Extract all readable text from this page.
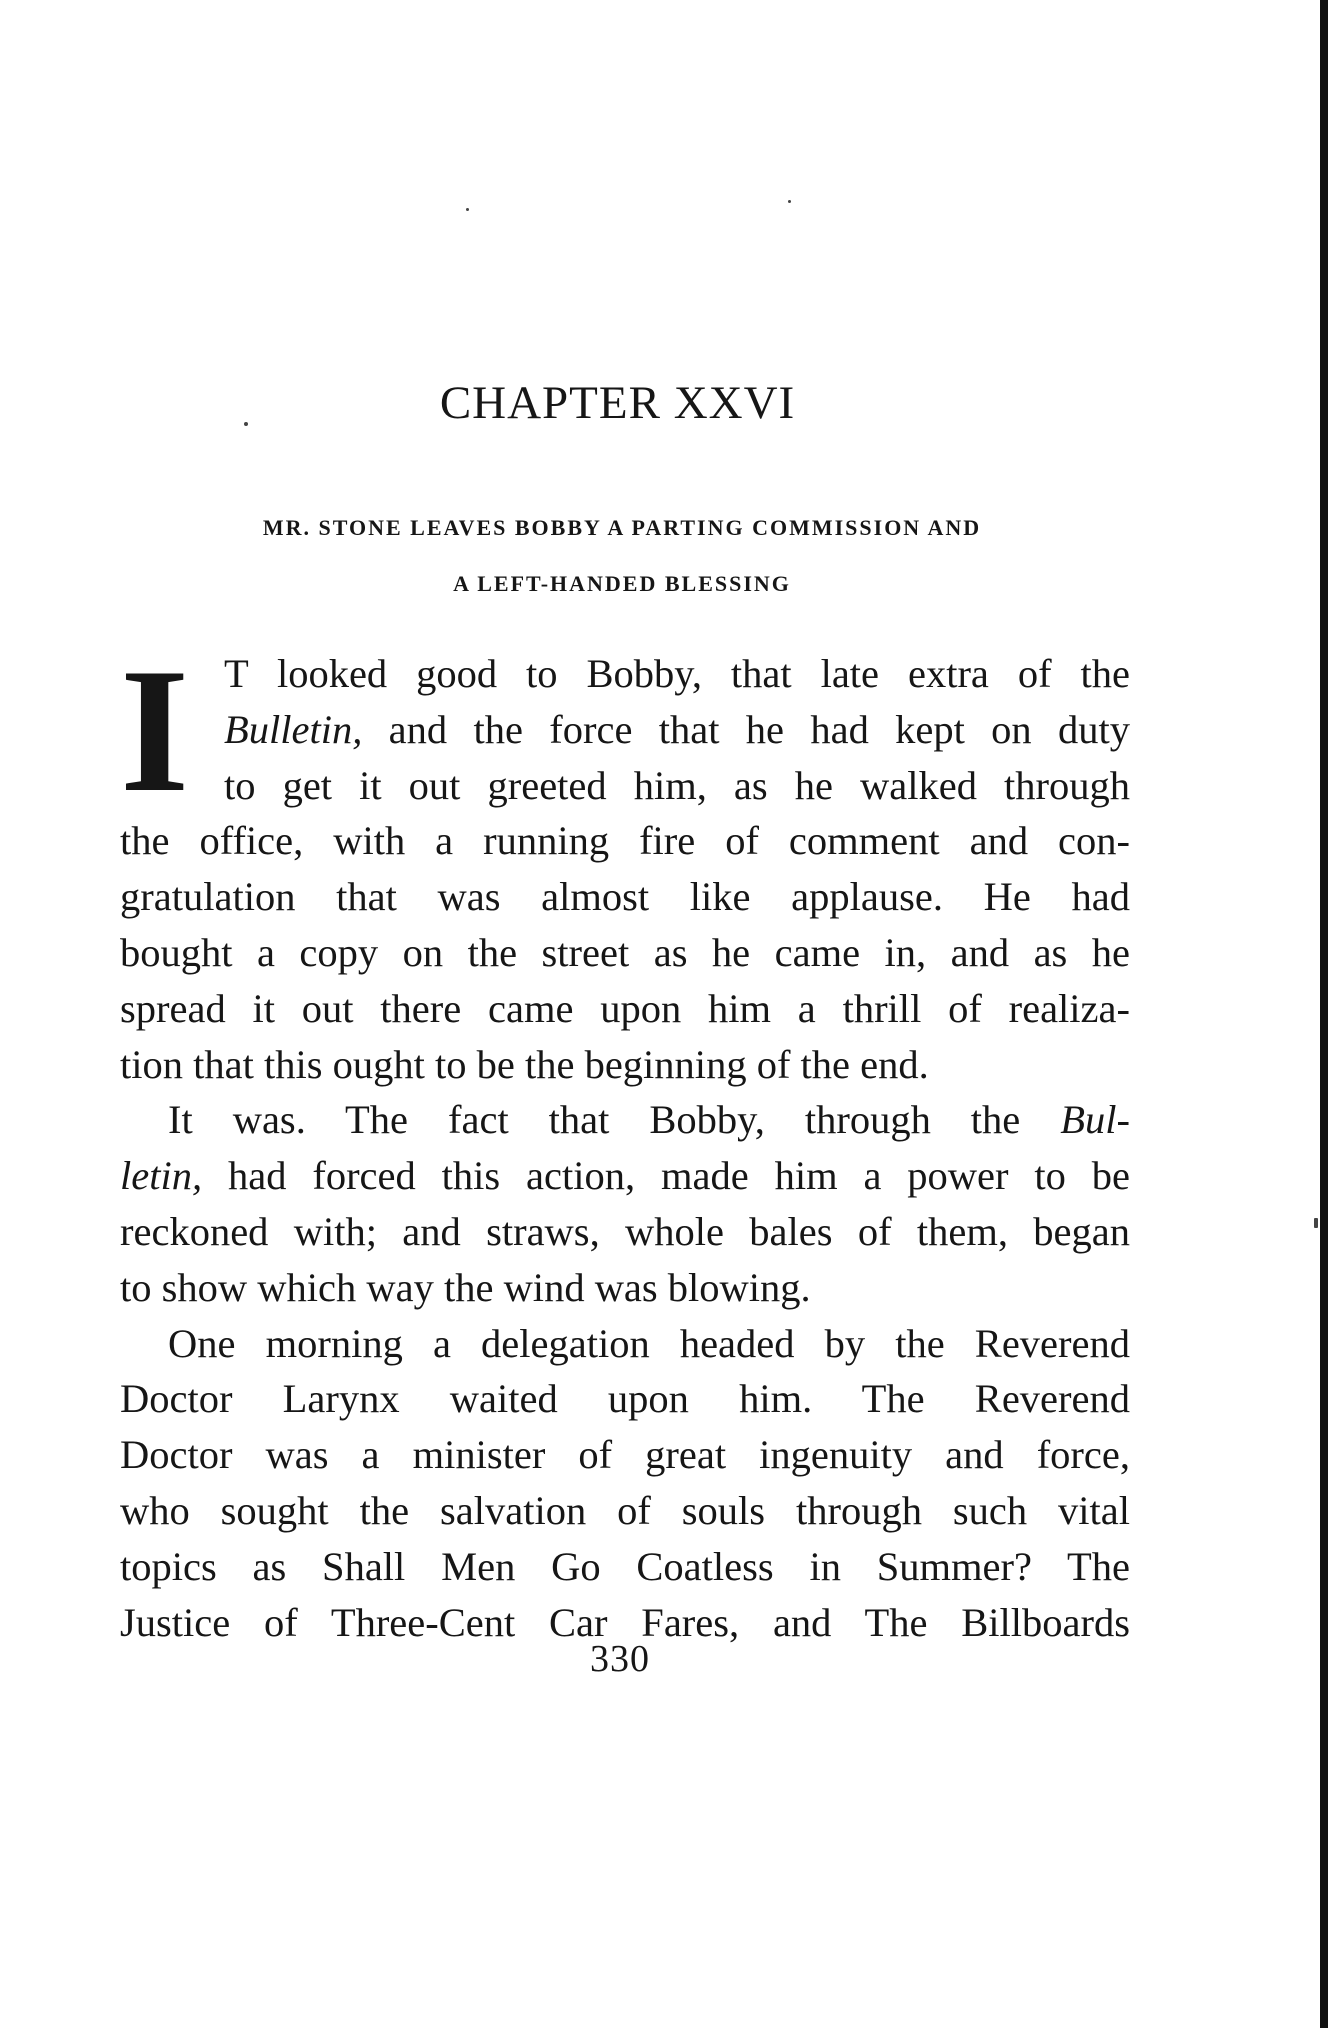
CHAPTER XXVI
MR. STONE LEAVES BOBBY A PARTING COMMISSION AND
A LEFT-HANDED BLESSING
I T looked good to Bobby, that late extra of the
Bulletin, and the force that he had kept on duty
to get it out greeted him, as he walked through
the office, with a running fire of comment and con-
gratulation that was almost like applause. He had
bought a copy on the street as he came in, and as he
spread it out there came upon him a thrill of realiza-
tion that this ought to be the beginning of the end.
It was. The fact that Bobby, through the Bul-
letin, had forced this action, made him a power to be
reckoned with; and straws, whole bales of them, began
to show which way the wind was blowing.
One morning a delegation headed by the Reverend
Doctor Larynx waited upon him. The Reverend
Doctor was a minister of great ingenuity and force,
who sought the salvation of souls through such vital
topics as Shall Men Go Coatless in Summer? The
Justice of Three-Cent Car Fares, and The Billboards
330
